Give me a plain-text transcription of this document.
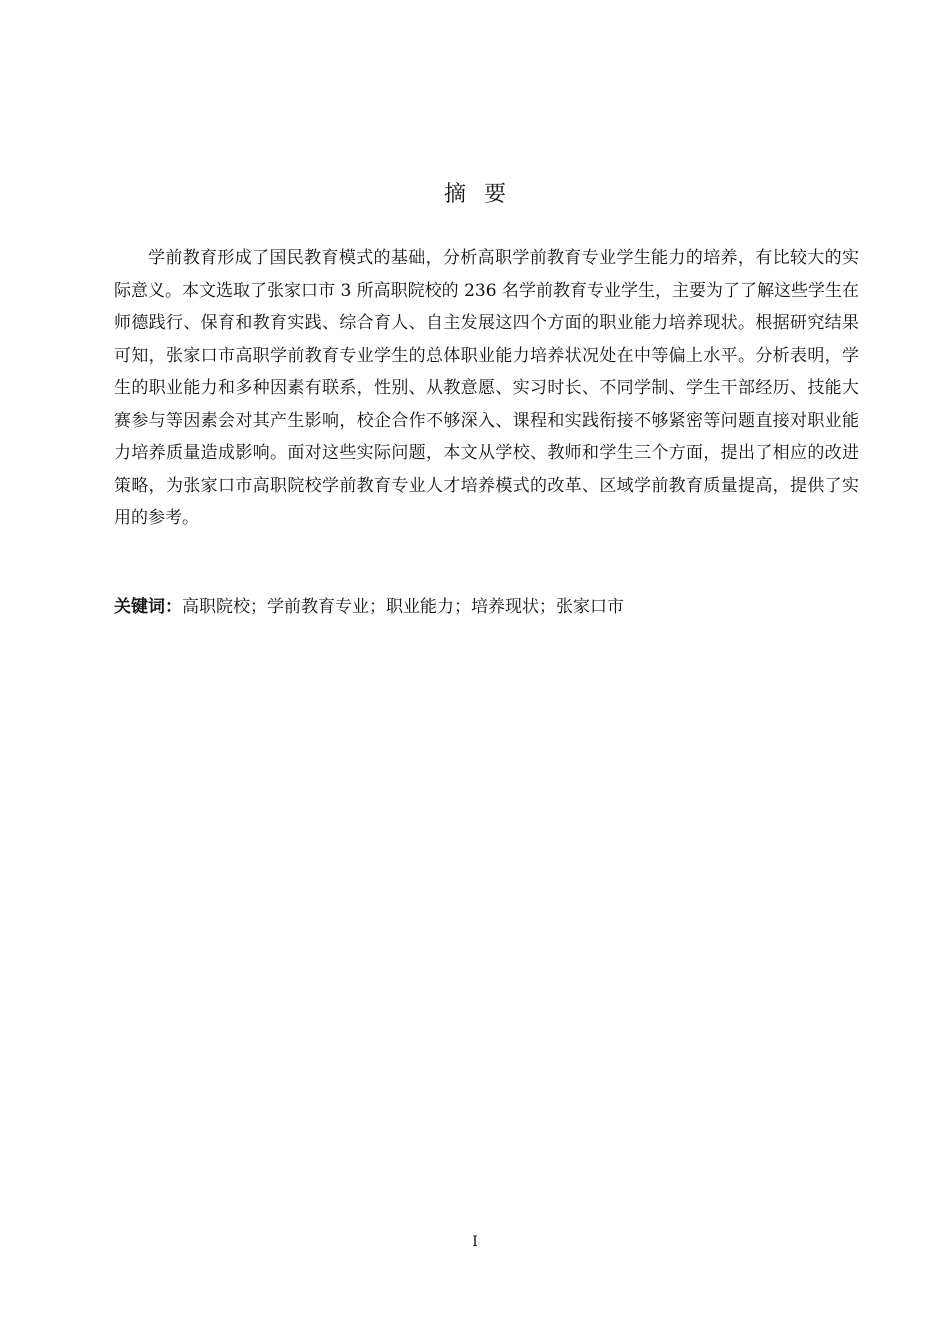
摘要

学前教育形成了国民教育模式的基础，分析高职学前教育专业学生能力的培养，有比较大的实际意义。本文选取了张家口市 3 所高职院校的 236 名学前教育专业学生，主要为了了解这些学生在师德践行、保育和教育实践、综合育人、自主发展这四个方面的职业能力培养现状。根据研究结果可知，张家口市高职学前教育专业学生的总体职业能力培养状况处在中等偏上水平。分析表明，学生的职业能力和多种因素有联系，性别、从教意愿、实习时长、不同学制、学生干部经历、技能大赛参与等因素会对其产生影响，校企合作不够深入、课程和实践衔接不够紧密等问题直接对职业能力培养质量造成影响。面对这些实际问题，本文从学校、教师和学生三个方面，提出了相应的改进策略，为张家口市高职院校学前教育专业人才培养模式的改革、区域学前教育质量提高，提供了实用的参考。

关键词：高职院校；学前教育专业；职业能力；培养现状；张家口市
I
